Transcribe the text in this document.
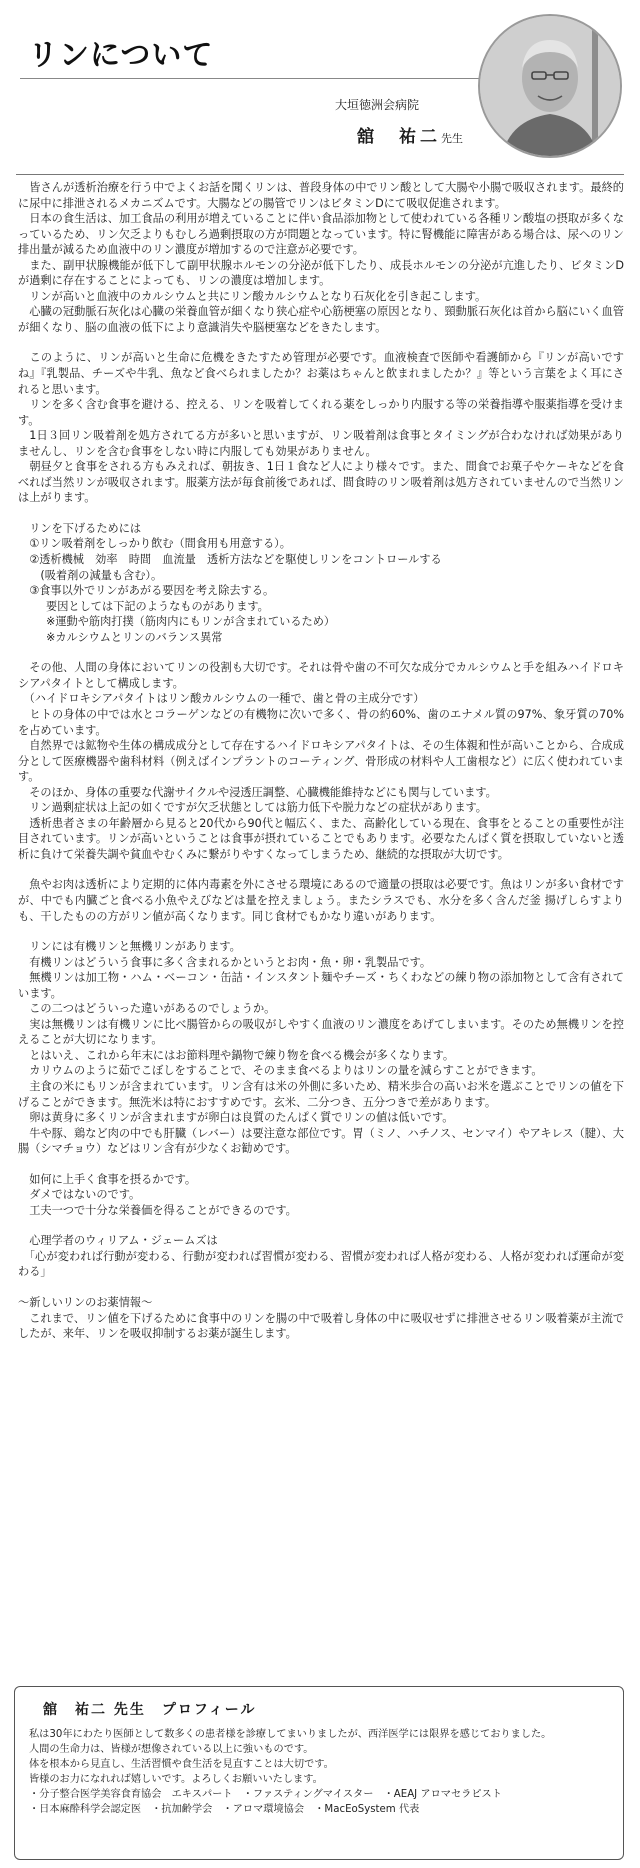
リンについて
大垣徳洲会病院
舘　祐二先生

　皆さんが透析治療を行う中でよくお話を聞くリンは、普段身体の中でリン酸として大腸や小腸で吸収されます。最終的に尿中に排泄されるメカニズムです。大腸などの腸管でリンはビタミンDにて吸収促進されます。

　日本の食生活は、加工食品の利用が増えていることに伴い食品添加物として使われている各種リン酸塩の摂取が多くなっているため、リン欠乏よりもむしろ過剰摂取の方が問題となっています。特に腎機能に障害がある場合は、尿へのリン排出量が減るため血液中のリン濃度が増加するので注意が必要です。

　また、副甲状腺機能が低下して副甲状腺ホルモンの分泌が低下したり、成長ホルモンの分泌が亢進したり、ビタミンDが過剰に存在することによっても、リンの濃度は増加します。

　リンが高いと血液中のカルシウムと共にリン酸カルシウムとなり石灰化を引き起こします。

　心臓の冠動脈石灰化は心臓の栄養血管が細くなり狭心症や心筋梗塞の原因となり、頸動脈石灰化は首から脳にいく血管が細くなり、脳の血液の低下により意識消失や脳梗塞などをきたします。

　このように、リンが高いと生命に危機をきたすため管理が必要です。血液検査で医師や看護師から『リンが高いですね』『乳製品、チーズや牛乳、魚など食べられましたか？お薬はちゃんと飲まれましたか？』等という言葉をよく耳にされると思います。

　リンを多く含む食事を避ける、控える、リンを吸着してくれる薬をしっかり内服する等の栄養指導や服薬指導を受けます。

　1日３回リン吸着剤を処方されてる方が多いと思いますが、リン吸着剤は食事とタイミングが合わなければ効果がありませんし、リンを含む食事をしない時に内服しても効果がありません。

　朝昼夕と食事をされる方もみえれば、朝抜き、1日１食など人により様々です。また、間食でお菓子やケーキなどを食べれば当然リンが吸収されます。服薬方法が毎食前後であれば、間食時のリン吸着剤は処方されていませんので当然リンは上がります。

　リンを下げるためには

　①リン吸着剤をしっかり飲む（間食用も用意する）。

　②透析機械　効率　時間　血流量　透析方法などを駆使しリンをコントロールする

　　(吸着剤の減量も含む）。

　③食事以外でリンがあがる要因を考え除去する。

要因としては下記のようなものがあります。

※運動や筋肉打撲（筋肉内にもリンが含まれているため）

※カルシウムとリンのバランス異常

　その他、人間の身体においてリンの役割も大切です。それは骨や歯の不可欠な成分でカルシウムと手を組みハイドロキシアパタイトとして構成します。

　（ハイドロキシアパタイトはリン酸カルシウムの一種で、歯と骨の主成分です）

　ヒトの身体の中では水とコラーゲンなどの有機物に次いで多く、骨の約60%、歯のエナメル質の97%、象牙質の70%を占めています。

　自然界では鉱物や生体の構成成分として存在するハイドロキシアパタイトは、その生体親和性が高いことから、合成成分として医療機器や歯科材料（例えばインプラントのコーティング、骨形成の材料や人工歯根など）に広く使われています。

　そのほか、身体の重要な代謝サイクルや浸透圧調整、心臓機能維持などにも関与しています。

　リン過剰症状は上記の如くですが欠乏状態としては筋力低下や脱力などの症状があります。

　透析患者さまの年齢層から見ると20代から90代と幅広く、また、高齢化している現在、食事をとることの重要性が注目されています。リンが高いということは食事が摂れていることでもあります。必要なたんぱく質を摂取していないと透析に負けて栄養失調や貧血やむくみに繋がりやすくなってしまうため、継続的な摂取が大切です。

　魚やお肉は透析により定期的に体内毒素を外にさせる環境にあるので適量の摂取は必要です。魚はリンが多い食材ですが、中でも内臓ごと食べる小魚やえびなどは量を控えましょう。またシラスでも、水分を多く含んだ釜 揚げしらすよりも、干したものの方がリン値が高くなります。同じ食材でもかなり違いがあります。

　リンには有機リンと無機リンがあります。

　有機リンはどういう食事に多く含まれるかというとお肉・魚・卵・乳製品です。

　無機リンは加工物・ハム・ベーコン・缶詰・インスタント麺やチーズ・ちくわなどの練り物の添加物として含有されています。

　この二つはどういった違いがあるのでしょうか。

　実は無機リンは有機リンに比べ腸管からの吸収がしやすく血液のリン濃度をあげてしまいます。そのため無機リンを控えることが大切になります。

　とはいえ、これから年末にはお節料理や鍋物で練り物を食べる機会が多くなります。

　カリウムのように茹でこぼしをすることで、そのまま食べるよりはリンの量を減らすことができます。

　主食の米にもリンが含まれています。リン含有は米の外側に多いため、精米歩合の高いお米を選ぶことでリンの値を下げることができます。無洗米は特におすすめです。玄米、二分つき、五分つきで差があります。

　卵は黄身に多くリンが含まれますが卵白は良質のたんぱく質でリンの値は低いです。

　牛や豚、鶏など肉の中でも肝臓（レバー）は要注意な部位です。胃（ミノ、ハチノス、センマイ）やアキレス（腱）、大腸（シマチョウ）などはリン含有が少なくお勧めです。

　如何に上手く食事を摂るかです。

　ダメではないのです。

　工夫一つで十分な栄養価を得ることができるのです。

　心理学者のウィリアム・ジェームズは

　「心が変われば行動が変わる、行動が変われば習慣が変わる、習慣が変われば人格が変わる、人格が変われば運命が変わる」

～新しいリンのお薬情報～

　これまで、リン値を下げるために食事中のリンを腸の中で吸着し身体の中に吸収せずに排泄させるリン吸着薬が主流でしたが、来年、リンを吸収抑制するお薬が誕生します。

舘　祐二 先生　プロフィール

私は30年にわたり医師として数多くの患者様を診療してまいりましたが、西洋医学には限界を感じておりました。

人間の生命力は、皆様が想像されている以上に強いものです。

体を根本から見直し、生活習慣や食生活を見直すことは大切です。

皆様のお力になれれば嬉しいです。よろしくお願いいたします。

・分子整合医学美容食育協会　エキスパート　・ファスティングマイスター　・AEAJ アロマセラピスト

・日本麻酔科学会認定医　・抗加齢学会　・アロマ環境協会　・MacEoSystem 代表
